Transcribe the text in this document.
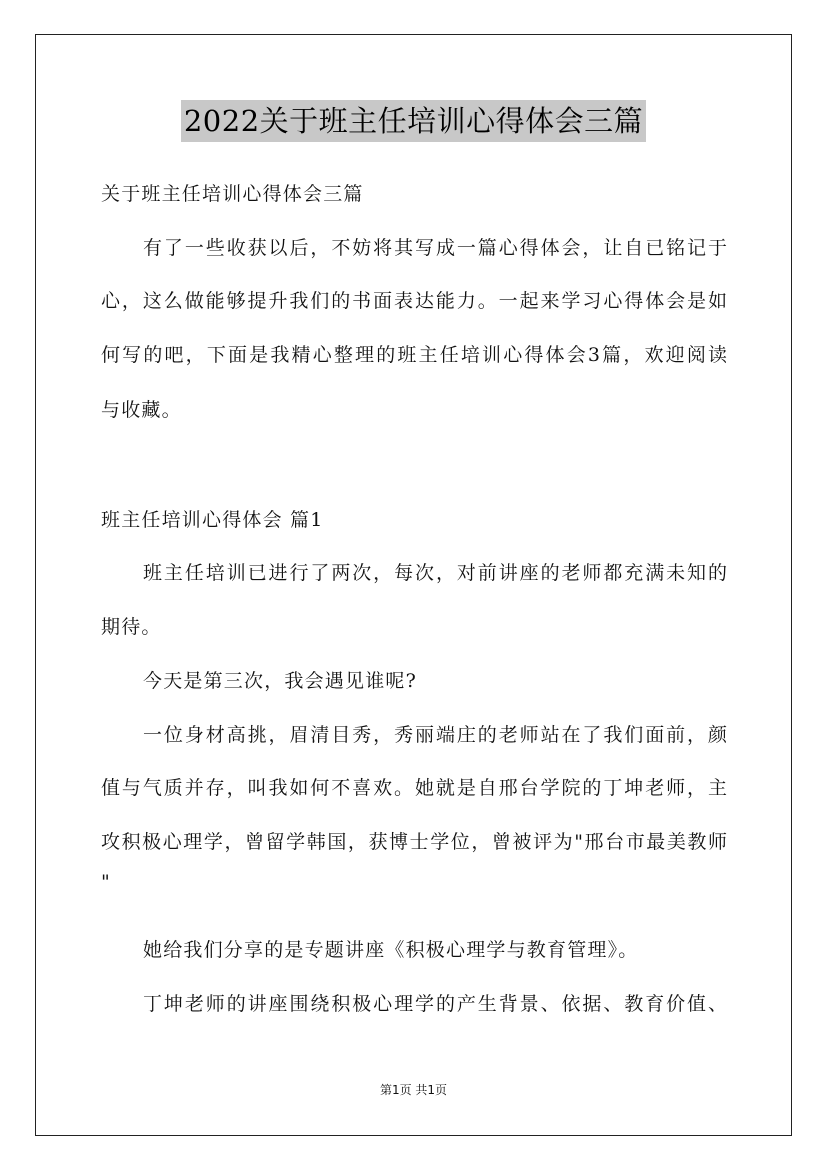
2022关于班主任培训心得体会三篇
关于班主任培训心得体会三篇
有了一些收获以后，不妨将其写成一篇心得体会，让自已铭记于
心，这么做能够提升我们的书面表达能力。一起来学习心得体会是如
何写的吧，下面是我精心整理的班主任培训心得体会3篇，欢迎阅读
与收藏。
班主任培训心得体会 篇1
班主任培训已进行了两次，每次，对前讲座的老师都充满未知的
期待。
今天是第三次，我会遇见谁呢?
一位身材高挑，眉清目秀，秀丽端庄的老师站在了我们面前，颜
值与气质并存，叫我如何不喜欢。她就是自邢台学院的丁坤老师，主
攻积极心理学，曾留学韩国，获博士学位，曾被评为"邢台市最美教师
"
她给我们分享的是专题讲座《积极心理学与教育管理》。
丁坤老师的讲座围绕积极心理学的产生背景、依据、教育价值、
第1页 共1页
